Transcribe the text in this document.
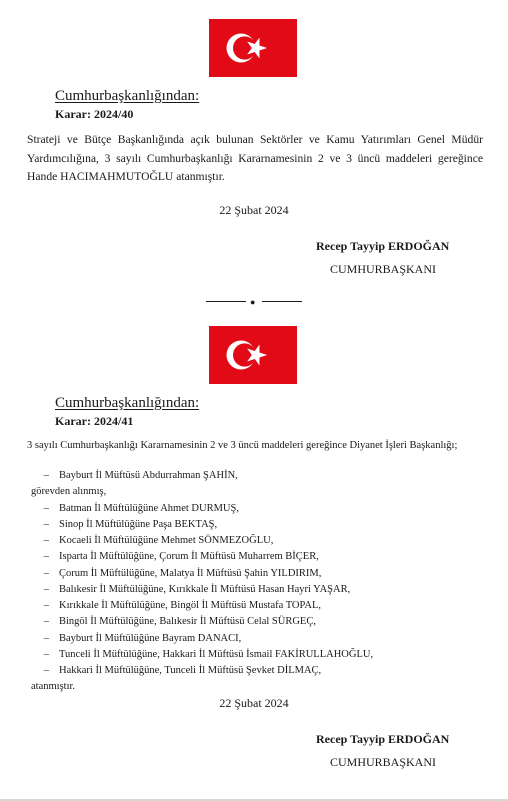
Cumhurbaşkanlığından:
Karar: 2024/40
Strateji ve Bütçe Başkanlığında açık bulunan Sektörler ve Kamu Yatırımları Genel Müdür Yardımcılığına, 3 sayılı Cumhurbaşkanlığı Kararnamesinin 2 ve 3 üncü maddeleri gereğince Hande HACIMAHMUTOĞLU atanmıştır.
22 Şubat 2024
Recep Tayyip ERDOĞAN
CUMHURBAŞKANI
●
Cumhurbaşkanlığından:
Karar: 2024/41
3 sayılı Cumhurbaşkanlığı Kararnamesinin 2 ve 3 üncü maddeleri gereğince Diyanet İşleri Başkanlığı;
– Bayburt İl Müftüsü Abdurrahman ŞAHİN,
görevden alınmış,
– Batman İl Müftülüğüne Ahmet DURMUŞ,
– Sinop İl Müftülüğüne Paşa BEKTAŞ,
– Kocaeli İl Müftülüğüne Mehmet SÖNMEZOĞLU,
– Isparta İl Müftülüğüne, Çorum İl Müftüsü Muharrem BİÇER,
– Çorum İl Müftülüğüne, Malatya İl Müftüsü Şahin YILDIRIM,
– Balıkesir İl Müftülüğüne, Kırıkkale İl Müftüsü Hasan Hayri YAŞAR,
– Kırıkkale İl Müftülüğüne, Bingöl İl Müftüsü Mustafa TOPAL,
– Bingöl İl Müftülüğüne, Balıkesir İl Müftüsü Celal SÜRGEÇ,
– Bayburt İl Müftülüğüne Bayram DANACI,
– Tunceli İl Müftülüğüne, Hakkari İl Müftüsü İsmail FAKİRULLAHOĞLU,
– Hakkari İl Müftülüğüne, Tunceli İl Müftüsü Şevket DİLMAÇ,
atanmıştır.
22 Şubat 2024
Recep Tayyip ERDOĞAN
CUMHURBAŞKANI
